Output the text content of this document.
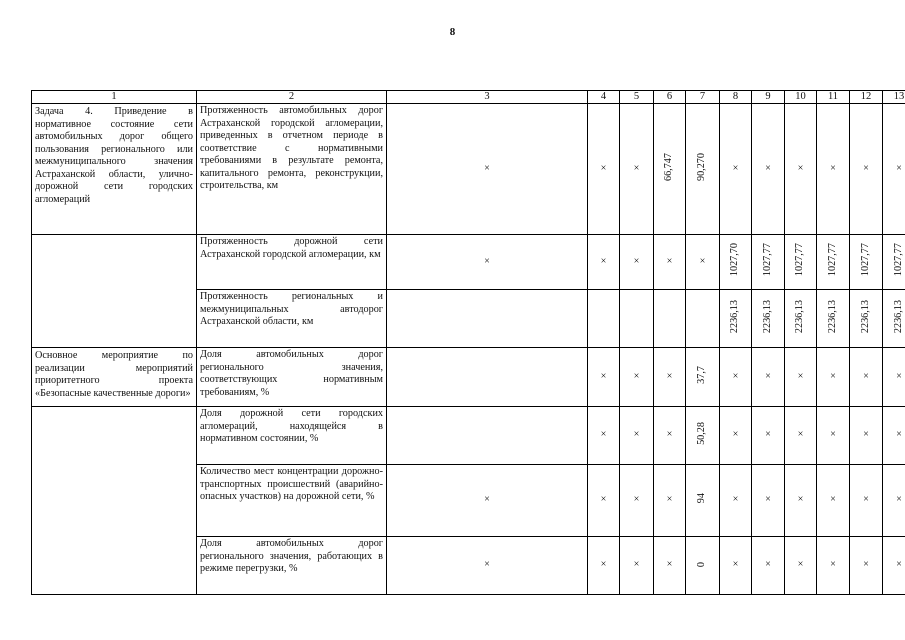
8
1	2	3	4	5	6	7	8	9	10	11	12	13
Задача 4. Приведение в нормативное состояние сети автомобильных дорог общего пользования регионального или межмуниципального значения Астраханской области, улично-дорожной сети городских агломераций	Протяженность автомобильных дорог Астраханской городской агломерации, приведенных в отчетном периоде в соответствие с нормативными требованиями в результате ремонта, капитального ремонта, реконструкции, строительства, км	×	×	×	66,747	90,270	×	×	×	×	×	×
	Протяженность дорожной сети Астраханской городской агломерации, км	×	×	×	×	×	1027,70	1027,77	1027,77	1027,77	1027,77	1027,77
	Протяженность региональных и межмуниципальных автодорог Астраханской области, км						2236,13	2236,13	2236,13	2236,13	2236,13	2236,13
Основное мероприятие по реализации мероприятий приоритетного проекта «Безопасные качественные дороги»	Доля автомобильных дорог регионального значения, соответствующих нормативным требованиям, %		×	×	×	37,7	×	×	×	×	×	×
	Доля дорожной сети городских агломераций, находящейся в нормативном состоянии, %		×	×	×	50,28	×	×	×	×	×	×
	Количество мест концентрации дорожно-транспортных происшествий (аварийно-опасных участков) на дорожной сети, %	×	×	×	×	94	×	×	×	×	×	×
	Доля автомобильных дорог регионального значения, работающих в режиме перегрузки, %	×	×	×	×	0	×	×	×	×	×	×
